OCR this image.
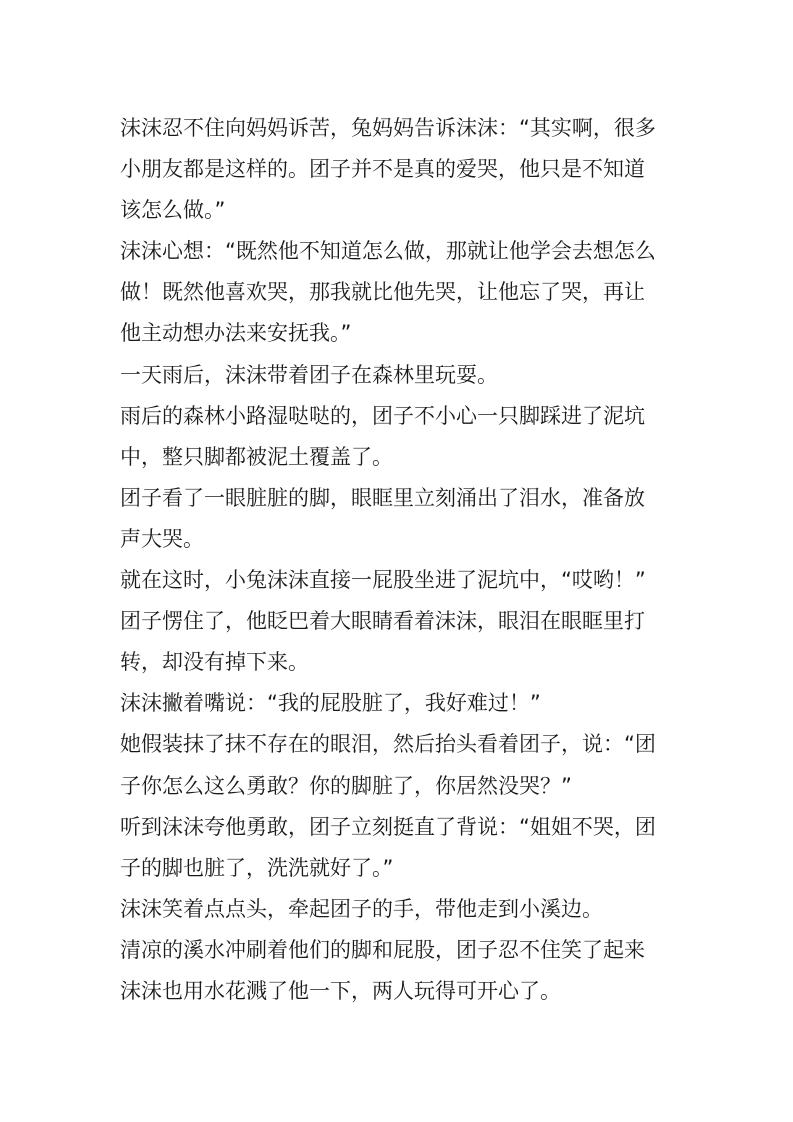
沫沫忍不住向妈妈诉苦，兔妈妈告诉沫沫：“其实啊，很多
小朋友都是这样的。团子并不是真的爱哭，他只是不知道
该怎么做。”
沫沫心想：“既然他不知道怎么做，那就让他学会去想怎么
做！既然他喜欢哭，那我就比他先哭，让他忘了哭，再让
他主动想办法来安抚我。”
一天雨后，沫沫带着团子在森林里玩耍。
雨后的森林小路湿哒哒的，团子不小心一只脚踩进了泥坑
中，整只脚都被泥土覆盖了。
团子看了一眼脏脏的脚，眼眶里立刻涌出了泪水，准备放
声大哭。
就在这时，小兔沫沫直接一屁股坐进了泥坑中，“哎哟！”
团子愣住了，他眨巴着大眼睛看着沫沫，眼泪在眼眶里打
转，却没有掉下来。
沫沫撇着嘴说：“我的屁股脏了，我好难过！”
她假装抹了抹不存在的眼泪，然后抬头看着团子，说：“团
子你怎么这么勇敢？你的脚脏了，你居然没哭？”
听到沫沫夸他勇敢，团子立刻挺直了背说：“姐姐不哭，团
子的脚也脏了，洗洗就好了。”
沫沫笑着点点头，牵起团子的手，带他走到小溪边。
清凉的溪水冲刷着他们的脚和屁股，团子忍不住笑了起来
沫沫也用水花溅了他一下，两人玩得可开心了。
